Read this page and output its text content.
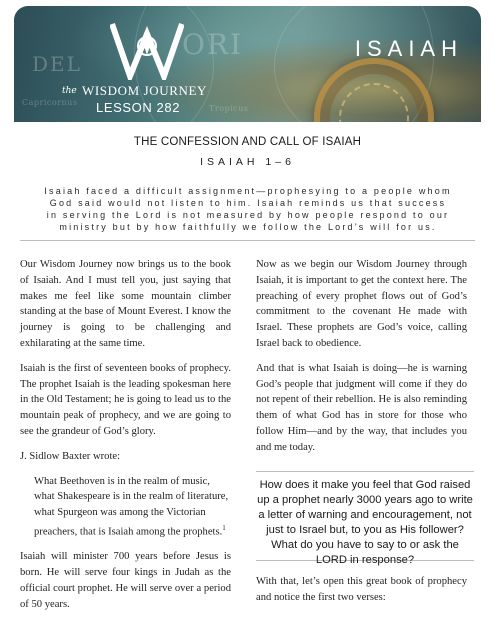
DEL
ORI
Capricornus
Tropicus
the WISDOM JOURNEY
LESSON 282
ISAIAH
THE CONFESSION AND CALL OF ISAIAH
ISAIAH 1–6
Isaiah faced a difficult assignment—prophesying to a people whom God said would not listen to him. Isaiah reminds us that success in serving the Lord is not measured by how people respond to our ministry but by how faithfully we follow the Lord’s will for us.

Our Wisdom Journey now brings us to the book of Isaiah. And I must tell you, just saying that makes me feel like some mountain climber standing at the base of Mount Everest. I know the journey is going to be challenging and exhilarating at the same time.

Isaiah is the first of seventeen books of prophecy. The prophet Isaiah is the leading spokesman here in the Old Testament; he is going to lead us to the mountain peak of prophecy, and we are going to see the grandeur of God’s glory.

J. Sidlow Baxter wrote:

What Beethoven is in the realm of music, what Shakespeare is in the realm of literature, what Spurgeon was among the Victorian preachers, that is Isaiah among the prophets.$^1$

Isaiah will minister 700 years before Jesus is born. He will serve four kings in Judah as the official court prophet. He will serve over a period of 50 years.

Now as we begin our Wisdom Journey through Isaiah, it is important to get the context here. The preaching of every prophet flows out of God’s commitment to the covenant He made with Israel. These prophets are God’s voice, calling Israel back to obedience.

And that is what Isaiah is doing—he is warning God’s people that judgment will come if they do not repent of their rebellion. He is also reminding them of what God has in store for those who follow Him—and by the way, that includes you and me today.

How does it make you feel that God raised up a prophet nearly 3000 years ago to write a letter of warning and encouragement, not just to Israel but, to you as His follower?
What do you have to say to or ask the LORD in response?
With that, let’s open this great book of prophecy and notice the first two verses:
